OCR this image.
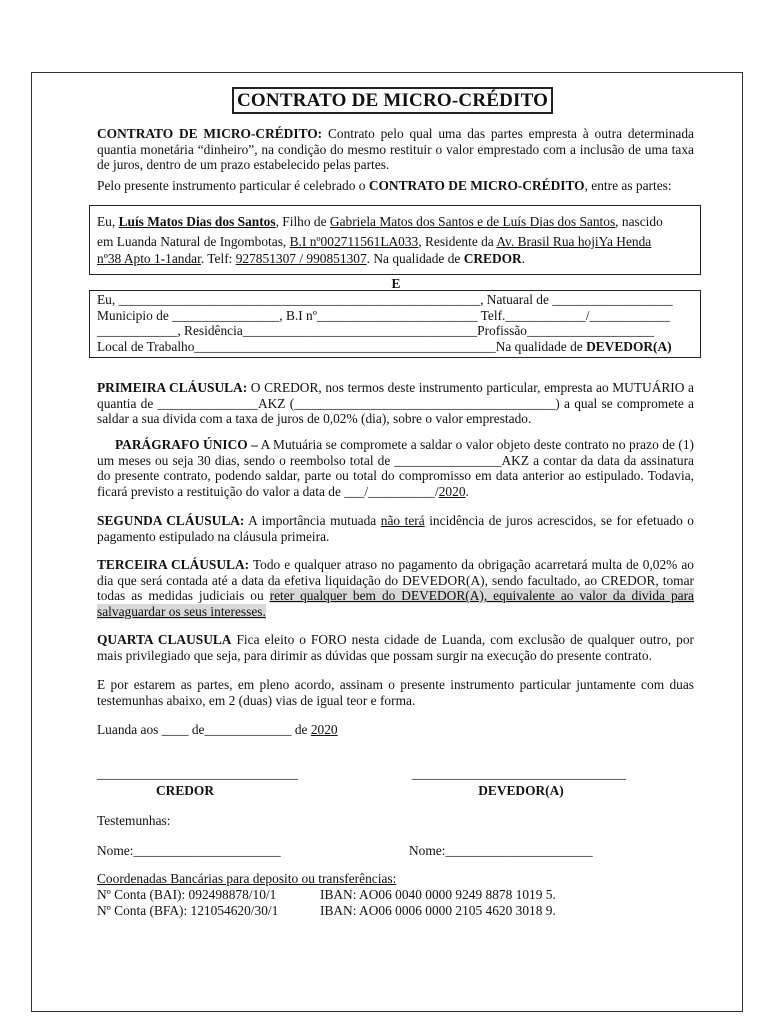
CONTRATO DE MICRO-CRÉDITO
CONTRATO DE MICRO-CRÉDITO: Contrato pelo qual uma das partes empresta à outra determinada quantia monetária “dinheiro”, na condição do mesmo restituir o valor emprestado com a inclusão de uma taxa de juros, dentro de um prazo estabelecido pelas partes.
Pelo presente instrumento particular é celebrado o CONTRATO DE MICRO-CRÉDITO, entre as partes:
Eu, Luís Matos Dias dos Santos, Filho de Gabriela Matos dos Santos e de Luís Dias dos Santos, nascido
em Luanda Natural de Ingombotas, B.I nº002711561LA033, Residente da Av. Brasil Rua hojiYa Henda
nº38 Apto 1-1andar. Telf: 927851307 / 990851307. Na qualidade de CREDOR.
E
Eu, ______________________________________________________, Natuaral de __________________
Municipio de ________________, B.I nº________________________ Telf.____________/____________
____________, Residência___________________________________Profissão___________________
Local de Trabalho_____________________________________________Na qualidade de DEVEDOR(A)
PRIMEIRA CLÁUSULA: O CREDOR, nos termos deste instrumento particular, empresta ao MUTUÁRIO a quantia de _______________AKZ (_______________________________________) a qual se compromete a saldar a sua divida com a taxa de juros de 0,02% (dia), sobre o valor emprestado.
PARÁGRAFO ÚNICO – A Mutuária se compromete a saldar o valor objeto deste contrato no prazo de (1) um meses ou seja 30 dias, sendo o reembolso total de ________________AKZ a contar da data da assinatura do presente contrato, podendo saldar, parte ou total do compromisso em data anterior ao estipulado. Todavia, ficará previsto a restituição do valor a data de ___/__________/2020.
SEGUNDA CLÁUSULA: A importância mutuada não terá incidência de juros acrescidos, se for efetuado o pagamento estipulado na cláusula primeira.
TERCEIRA CLÁUSULA: Todo e qualquer atraso no pagamento da obrigação acarretará multa de 0,02% ao dia que será contada até a data da efetiva liquidação do DEVEDOR(A), sendo facultado, ao CREDOR, tomar todas as medidas judiciais ou reter qualquer bem do DEVEDOR(A), equivalente ao valor da divida para salvaguardar os seus interesses.
QUARTA CLAUSULA Fica eleito o FORO nesta cidade de Luanda, com exclusão de qualquer outro, por mais privilegiado que seja, para dirimir as dúvidas que possam surgir na execução do presente contrato.
E por estarem as partes, em pleno acordo, assinam o presente instrumento particular juntamente com duas testemunhas abaixo, em 2 (duas) vias de igual teor e forma.
Luanda aos ____ de_____________ de 2020
______________________________	________________________________
CREDOR	DEVEDOR(A)
Testemunhas:
Nome:______________________	Nome:______________________
Coordenadas Bancárias para deposito ou transferências:
Nº Conta (BAI): 092498878/10/1	IBAN: AO06 0040 0000 9249 8878 1019 5.
Nº Conta (BFA): 121054620/30/1	IBAN: AO06 0006 0000 2105 4620 3018 9.
